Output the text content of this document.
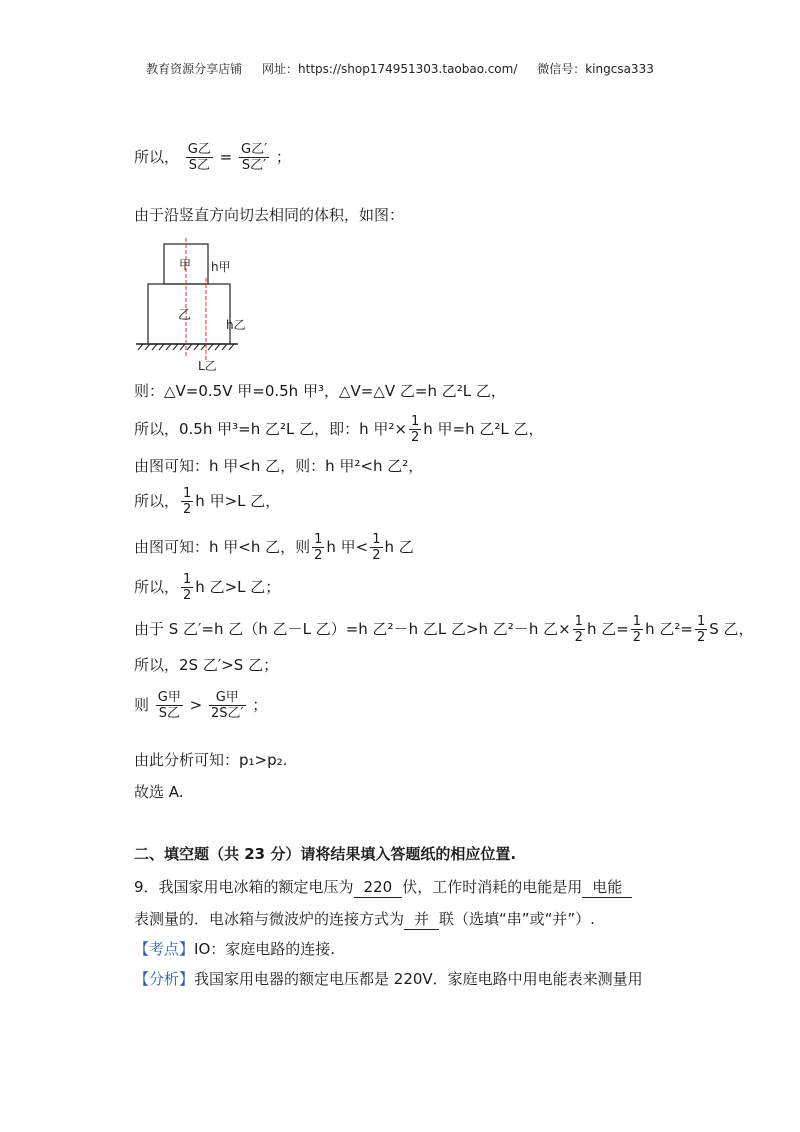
教育资源分享店铺 网址：https://shop174951303.taobao.com/ 微信号：kingcsa333
所以， $\frac{\text{G乙}}{\text{S乙}} = \frac{\text{G乙′}}{\text{S乙′}}$ ；
由于沿竖直方向切去相同的体积，如图：
甲
乙
h甲
h乙
L乙
则：△V=0.5V 甲=0.5h 甲³，△V=△V 乙=h 乙²L 乙，
所以，0.5h 甲³=h 乙²L 乙，即：h 甲$^2\times \frac{1}{2}$ h 甲=h 乙²L 乙，
由图可知：h 甲<h 乙，则：h 甲²<h 乙²，
所以， $\frac{1}{2}$ h 甲>L 乙，
由图可知：h 甲<h 乙，则 $\frac{1}{2}$ h 甲< $\frac{1}{2}$ h 乙
所以， $\frac{1}{2}$ h 乙>L 乙；
由于 S 乙′=h 乙（h 乙－L 乙）=h 乙²－h 乙L 乙>h 乙²－h 乙× $\frac{1}{2}$ h 乙= $\frac{1}{2}$ h 乙$^2= \frac{1}{2}$ S 乙，
所以，2S 乙′>S 乙；
则 $\frac{\text{G甲}}{\text{S乙}} > \frac{\text{G甲}}{\text{2S乙′}}$ ；
由此分析可知：p₁>p₂.
故选 A.
二、填空题（共 23 分）请将结果填入答题纸的相应位置.
9．我国家用电冰箱的额定电压为 220 伏，工作时消耗的电能是用 电能
表测量的．电冰箱与微波炉的连接方式为 并 联（选填“串”或“并”）.
【考点】IO：家庭电路的连接.
【分析】我国家用电器的额定电压都是 220V．家庭电路中用电能表来测量用
